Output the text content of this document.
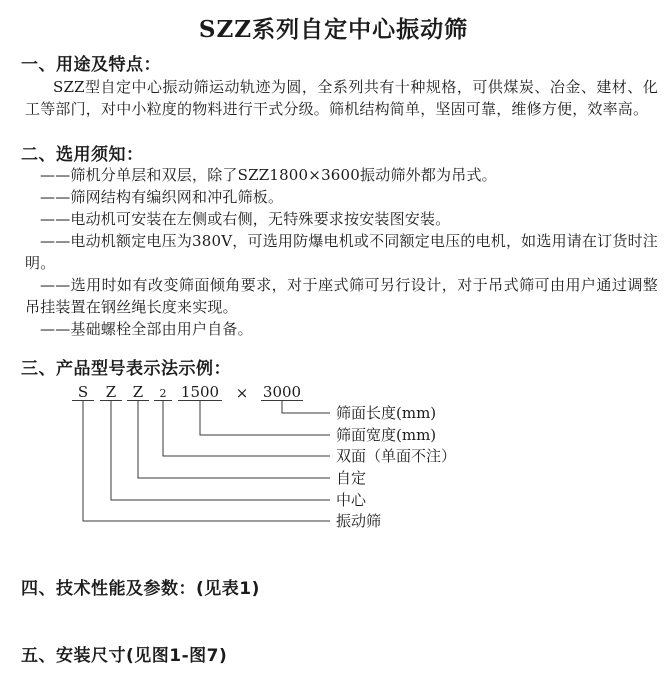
SZZ系列自定中心振动筛
一、用途及特点：
SZZ型自定中心振动筛运动轨迹为圆，全系列共有十种规格，可供煤炭、冶金、建材、化工等部门，对中小粒度的物料进行干式分级。筛机结构简单，坚固可靠，维修方便，效率高。
二、选用须知：

——筛机分单层和双层，除了SZZ1800×3600振动筛外都为吊式。

——筛网结构有编织网和冲孔筛板。

——电动机可安装在左侧或右侧，无特殊要求按安装图安装。

——电动机额定电压为380V，可选用防爆电机或不同额定电压的电机，如选用请在订货时注明。

——选用时如有改变筛面倾角要求，对于座式筛可另行设计，对于吊式筛可由用户通过调整吊挂装置在钢丝绳长度来实现。

——基础螺栓全部由用户自备。

三、产品型号表示法示例：
S	Z	Z	2 1500 × 3000
筛面长度(mm)
筛面宽度(mm)
双面（单面不注）
自定
中心
振动筛
四、技术性能及参数：(见表1)
五、安装尺寸(见图1-图7)
